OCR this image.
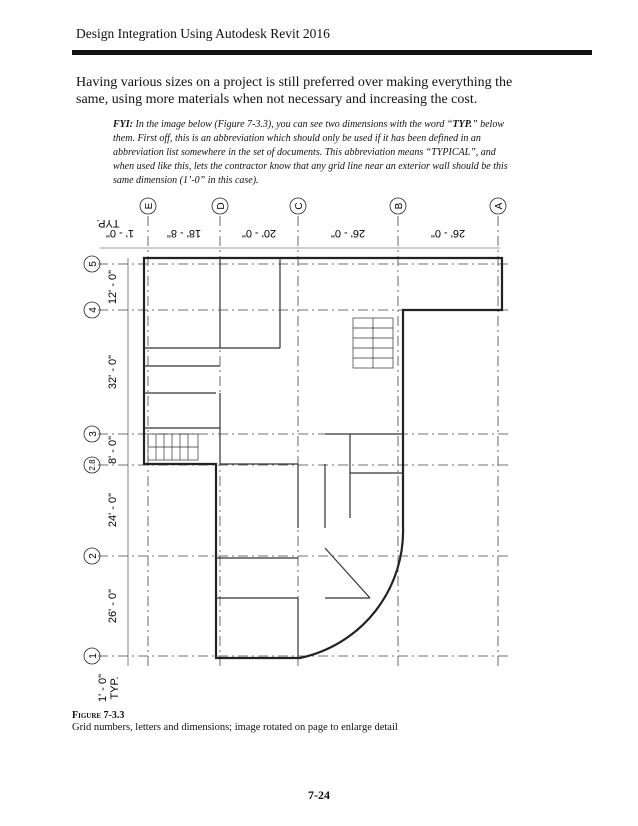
Design Integration Using Autodesk Revit 2016
Having various sizes on a project is still preferred over making everything the same, using more materials when not necessary and increasing the cost.
FYI: In the image below (Figure 7-3.3), you can see two dimensions with the word “TYP.” below them. First off, this is an abbreviation which should only be used if it has been defined in an abbreviation list somewhere in the set of documents. This abbreviation means “TYPICAL”, and when used like this, lets the contractor know that any grid line near an exterior wall should be this same dimension (1’-0” in this case).
E	D	C	B	A
5
4
3
2.8
2
1
1' - 0"
TYP.
18' - 8"	20' - 0"	26' - 0"	26' - 0"
12' - 0"
32' - 0"
8' - 0"
24' - 0"
26' - 0"
1' - 0" TYP.
Figure 7-3.3
Grid numbers, letters and dimensions; image rotated on page to enlarge detail
7-24
